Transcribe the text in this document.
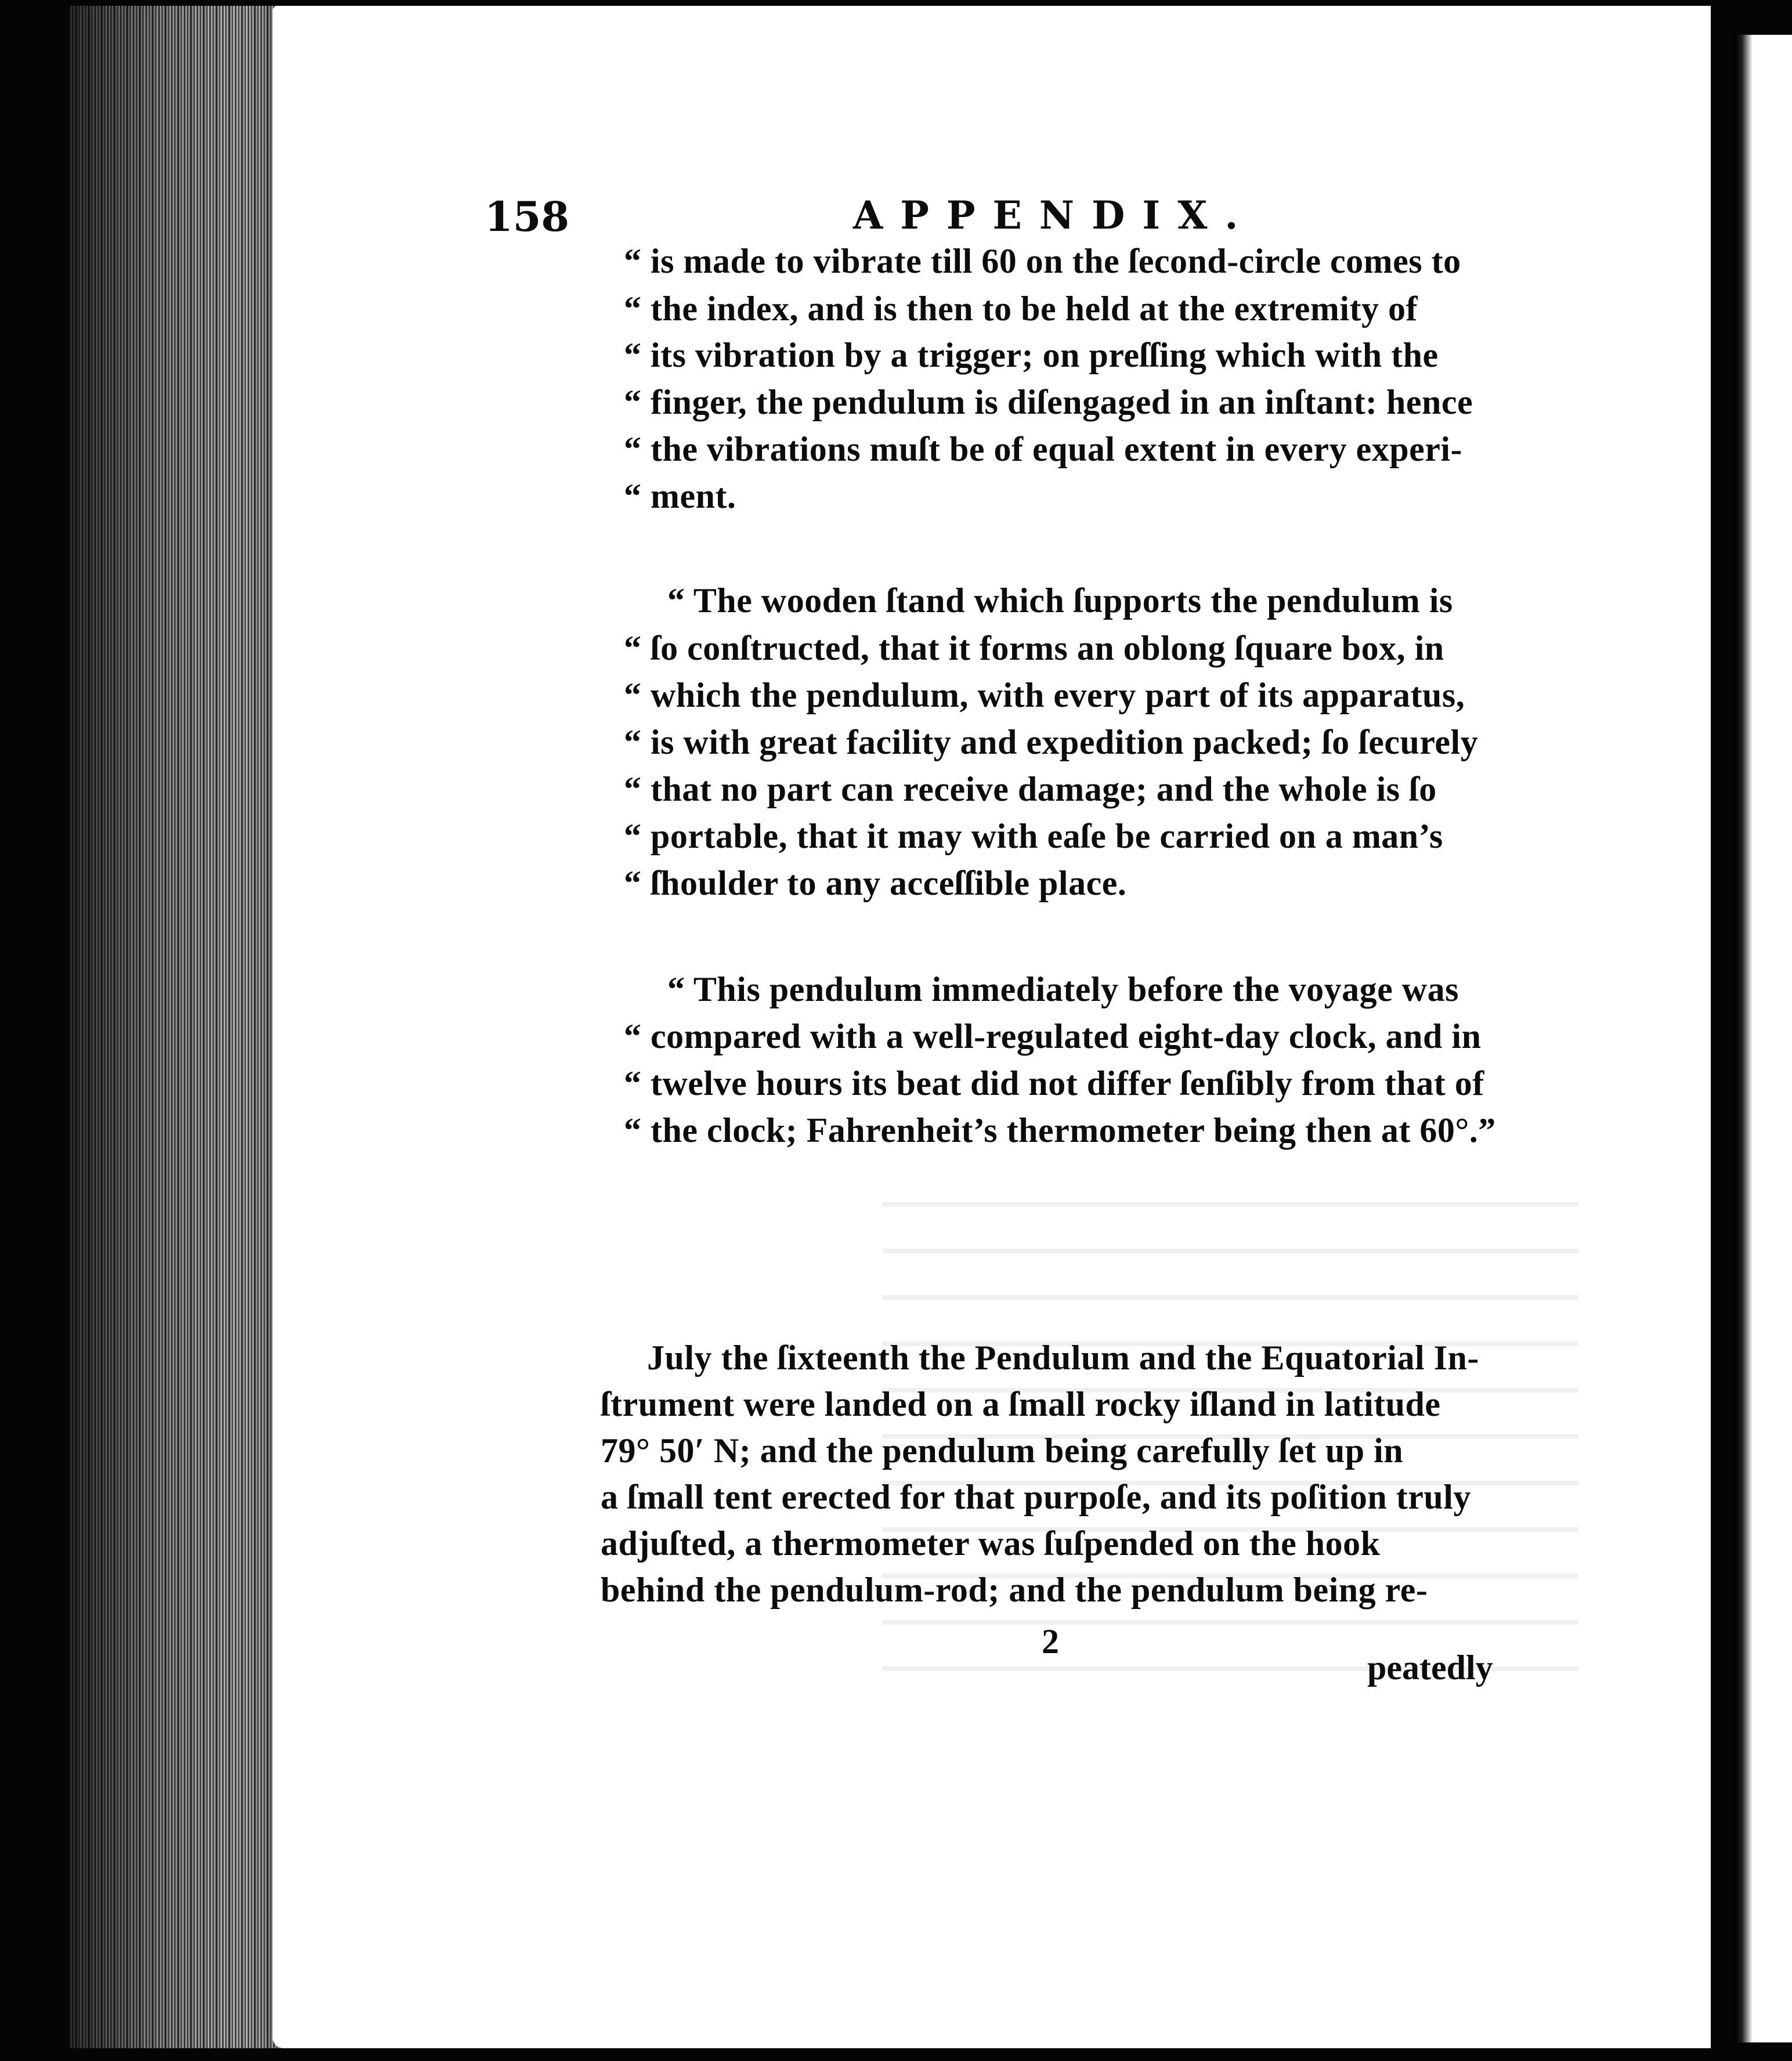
158	APPENDIX.
“ is made to vibrate till 60 on the ſecond-circle comes to
“ the index, and is then to be held at the extremity of
“ its vibration by a trigger; on preſſing which with the
“ finger, the pendulum is diſengaged in an inſtant: hence
“ the vibrations muſt be of equal extent in every experi-
“ ment.
“ The wooden ſtand which ſupports the pendulum is
“ ſo conſtructed, that it forms an oblong ſquare box, in
“ which the pendulum, with every part of its apparatus,
“ is with great facility and expedition packed; ſo ſecurely
“ that no part can receive damage; and the whole is ſo
“ portable, that it may with eaſe be carried on a man’s
“ ſhoulder to any acceſſible place.
“ This pendulum immediately before the voyage was
“ compared with a well-regulated eight-day clock, and in
“ twelve hours its beat did not differ ſenſibly from that of
“ the clock; Fahrenheit’s thermometer being then at 60°.”
July the ſixteenth the Pendulum and the Equatorial In-
ſtrument were landed on a ſmall rocky iſland in latitude
79° 50′ N; and the pendulum being carefully ſet up in
a ſmall tent erected for that purpoſe, and its poſition truly
adjuſted, a thermometer was ſuſpended on the hook
behind the pendulum-rod; and the pendulum being re-
2
peatedly
